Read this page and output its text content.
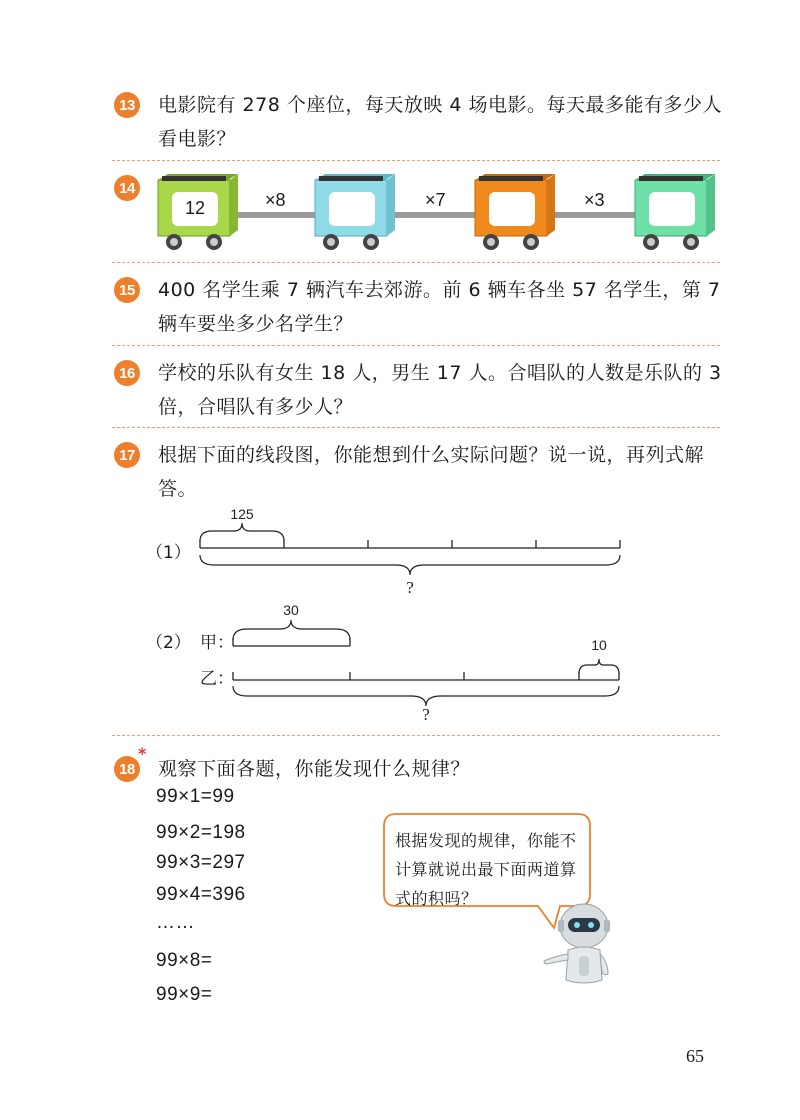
13 电影院有 278 个座位，每天放映 4 场电影。每天最多能有多少人看电影？
14
12	×8	×7	×3
15 400 名学生乘 7 辆汽车去郊游。前 6 辆车各坐 57 名学生，第 7 辆车要坐多少名学生？
16 学校的乐队有女生 18 人，男生 17 人。合唱队的人数是乐队的 3 倍，合唱队有多少人？
17 根据下面的线段图，你能想到什么实际问题？说一说，再列式解答。
（1）
125
?
（2） 甲：
乙：
30
10
?
18
*
观察下面各题，你能发现什么规律？
99×1=99
99×2=198
99×3=297
99×4=396
……
99×8=
99×9=
根据发现的规律，你能不计算就说出最下面两道算式的积吗？
65
